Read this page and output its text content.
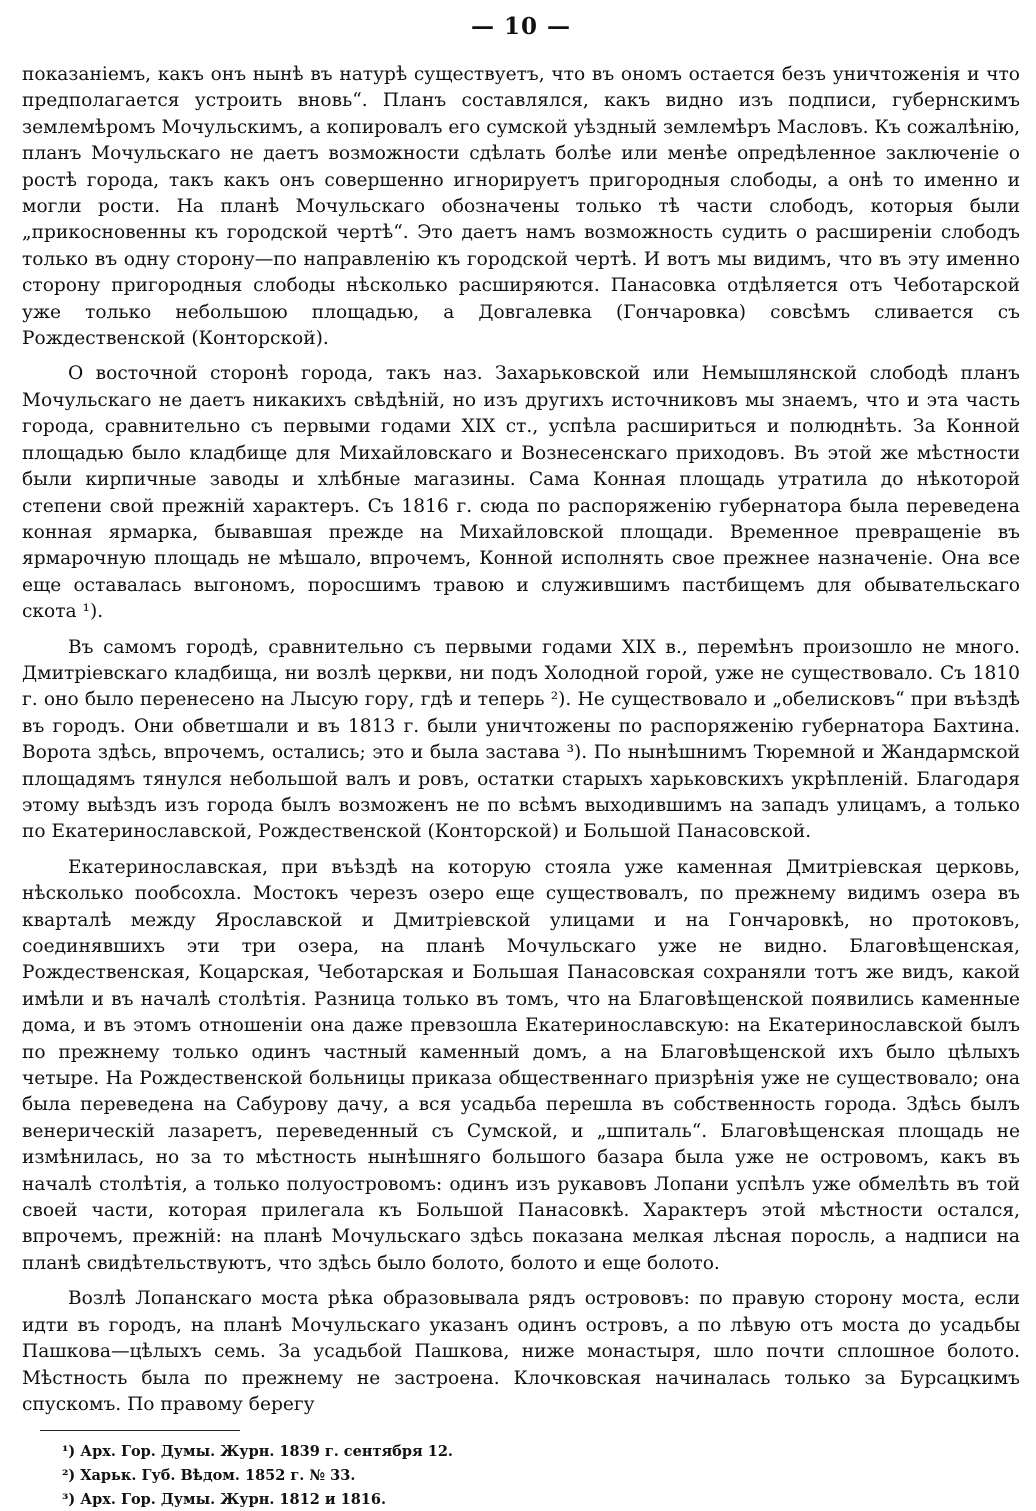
— 10 —

показаніемъ, какъ онъ нынѣ въ натурѣ существуетъ, что въ ономъ остается безъ уничтоженія и что предполагается устроить вновь“. Планъ составлялся, какъ видно изъ подписи, губернскимъ землемѣромъ Мочульскимъ, а копировалъ его сумской уѣздный землемѣръ Масловъ. Къ сожалѣнію, планъ Мочульскаго не даетъ возможности сдѣлать болѣе или менѣе опредѣленное заключеніе о ростѣ города, такъ какъ онъ совершенно игнорируетъ пригородныя слободы, а онѣ то именно и могли рости. На планѣ Мочульскаго обозначены только тѣ части слободъ, которыя были „прикосновенны къ городской чертѣ“. Это даетъ намъ возможность судить о расширеніи слободъ только въ одну сторону—по направленію къ городской чертѣ. И вотъ мы видимъ, что въ эту именно сторону пригородныя слободы нѣсколько расширяются. Панасовка отдѣляется отъ Чеботарской уже только небольшою площадью, а Довгалевка (Гончаровка) совсѣмъ сливается съ Рождественской (Конторской).

О восточной сторонѣ города, такъ наз. Захарьковской или Немышлянской слободѣ планъ Мочульскаго не даетъ никакихъ свѣдѣній, но изъ другихъ источниковъ мы знаемъ, что и эта часть города, сравнительно съ первыми годами XIX ст., успѣла расшириться и полюднѣть. За Конной площадью было кладбище для Михайловскаго и Вознесенскаго приходовъ. Въ этой же мѣстности были кирпичные заводы и хлѣбные магазины. Сама Конная площадь утратила до нѣкоторой степени свой прежній характеръ. Съ 1816 г. сюда по распоряженію губернатора была переведена конная ярмарка, бывавшая прежде на Михайловской площади. Временное превращеніе въ ярмарочную площадь не мѣшало, впрочемъ, Конной исполнять свое прежнее назначеніе. Она все еще оставалась выгономъ, поросшимъ травою и служившимъ пастбищемъ для обывательскаго скота ¹).

Въ самомъ городѣ, сравнительно съ первыми годами XIX в., перемѣнъ произошло не много. Дмитріевскаго кладбища, ни возлѣ церкви, ни подъ Холодной горой, уже не существовало. Съ 1810 г. оно было перенесено на Лысую гору, гдѣ и теперь ²). Не существовало и „обелисковъ“ при въѣздѣ въ городъ. Они обветшали и въ 1813 г. были уничтожены по распоряженію губернатора Бахтина. Ворота здѣсь, впрочемъ, остались; это и была застава ³). По нынѣшнимъ Тюремной и Жандармской площадямъ тянулся небольшой валъ и ровъ, остатки старыхъ харьковскихъ укрѣпленій. Благодаря этому выѣздъ изъ города былъ возможенъ не по всѣмъ выходившимъ на западъ улицамъ, а только по Екатеринославской, Рождественской (Конторской) и Большой Панасовской.

Екатеринославская, при въѣздѣ на которую стояла уже каменная Дмитріевская церковь, нѣсколько пообсохла. Мостокъ черезъ озеро еще существовалъ, по прежнему видимъ озера въ кварталѣ между Ярославской и Дмитріевской улицами и на Гончаровкѣ, но протоковъ, соединявшихъ эти три озера, на планѣ Мочульскаго уже не видно. Благовѣщенская, Рождественская, Коцарская, Чеботарская и Большая Панасовская сохраняли тотъ же видъ, какой имѣли и въ началѣ столѣтія. Разница только въ томъ, что на Благовѣщенской появились каменные дома, и въ этомъ отношеніи она даже превзошла Екатеринославскую: на Екатеринославской былъ по прежнему только одинъ частный каменный домъ, а на Благовѣщенской ихъ было цѣлыхъ четыре. На Рождественской больницы приказа общественнаго призрѣнія уже не существовало; она была переведена на Сабурову дачу, а вся усадьба перешла въ собственность города. Здѣсь былъ венерическій лазаретъ, переведенный съ Сумской, и „шпиталь“. Благовѣщенская площадь не измѣнилась, но за то мѣстность нынѣшняго большого базара была уже не островомъ, какъ въ началѣ столѣтія, а только полуостровомъ: одинъ изъ рукавовъ Лопани успѣлъ уже обмелѣть въ той своей части, которая прилегала къ Большой Панасовкѣ. Характеръ этой мѣстности остался, впрочемъ, прежній: на планѣ Мочульскаго здѣсь показана мелкая лѣсная поросль, а надписи на планѣ свидѣтельствуютъ, что здѣсь было болото, болото и еще болото.

Возлѣ Лопанскаго моста рѣка образовывала рядъ острововъ: по правую сторону моста, если идти въ городъ, на планѣ Мочульскаго указанъ одинъ островъ, а по лѣвую отъ моста до усадьбы Пашкова—цѣлыхъ семь. За усадьбой Пашкова, ниже монастыря, шло почти сплошное болото. Мѣстность была по прежнему не застроена. Клочковская начиналась только за Бурсацкимъ спускомъ. По правому берегу

¹) Арх. Гор. Думы. Журн. 1839 г. сентября 12.

²) Харьк. Губ. Вѣдом. 1852 г. № 33.

³) Арх. Гор. Думы. Журн. 1812 и 1816.
